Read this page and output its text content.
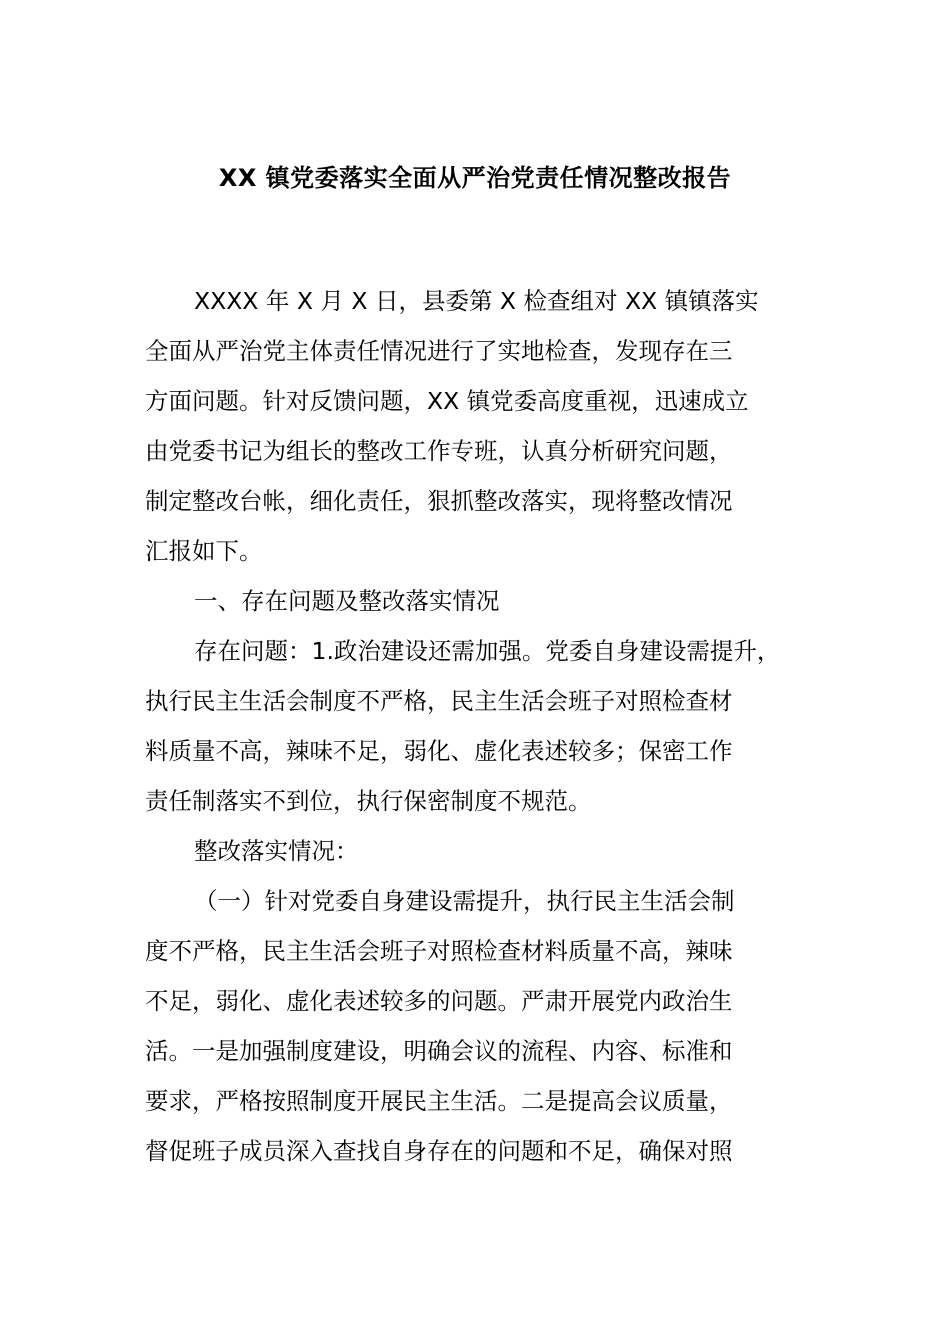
XX 镇党委落实全面从严治党责任情况整改报告
XXXX 年 X 月 X 日，县委第 X 检查组对 XX 镇镇落实
全面从严治党主体责任情况进行了实地检查，发现存在三
方面问题。针对反馈问题，XX 镇党委高度重视，迅速成立
由党委书记为组长的整改工作专班，认真分析研究问题，
制定整改台帐，细化责任，狠抓整改落实，现将整改情况
汇报如下。
一、存在问题及整改落实情况
存在问题：1.政治建设还需加强。党委自身建设需提升，
执行民主生活会制度不严格，民主生活会班子对照检查材
料质量不高，辣味不足，弱化、虚化表述较多；保密工作
责任制落实不到位，执行保密制度不规范。
整改落实情况：
（一）针对党委自身建设需提升，执行民主生活会制
度不严格，民主生活会班子对照检查材料质量不高，辣味
不足，弱化、虚化表述较多的问题。严肃开展党内政治生
活。一是加强制度建设，明确会议的流程、内容、标准和
要求，严格按照制度开展民主生活。二是提高会议质量，
督促班子成员深入查找自身存在的问题和不足，确保对照
